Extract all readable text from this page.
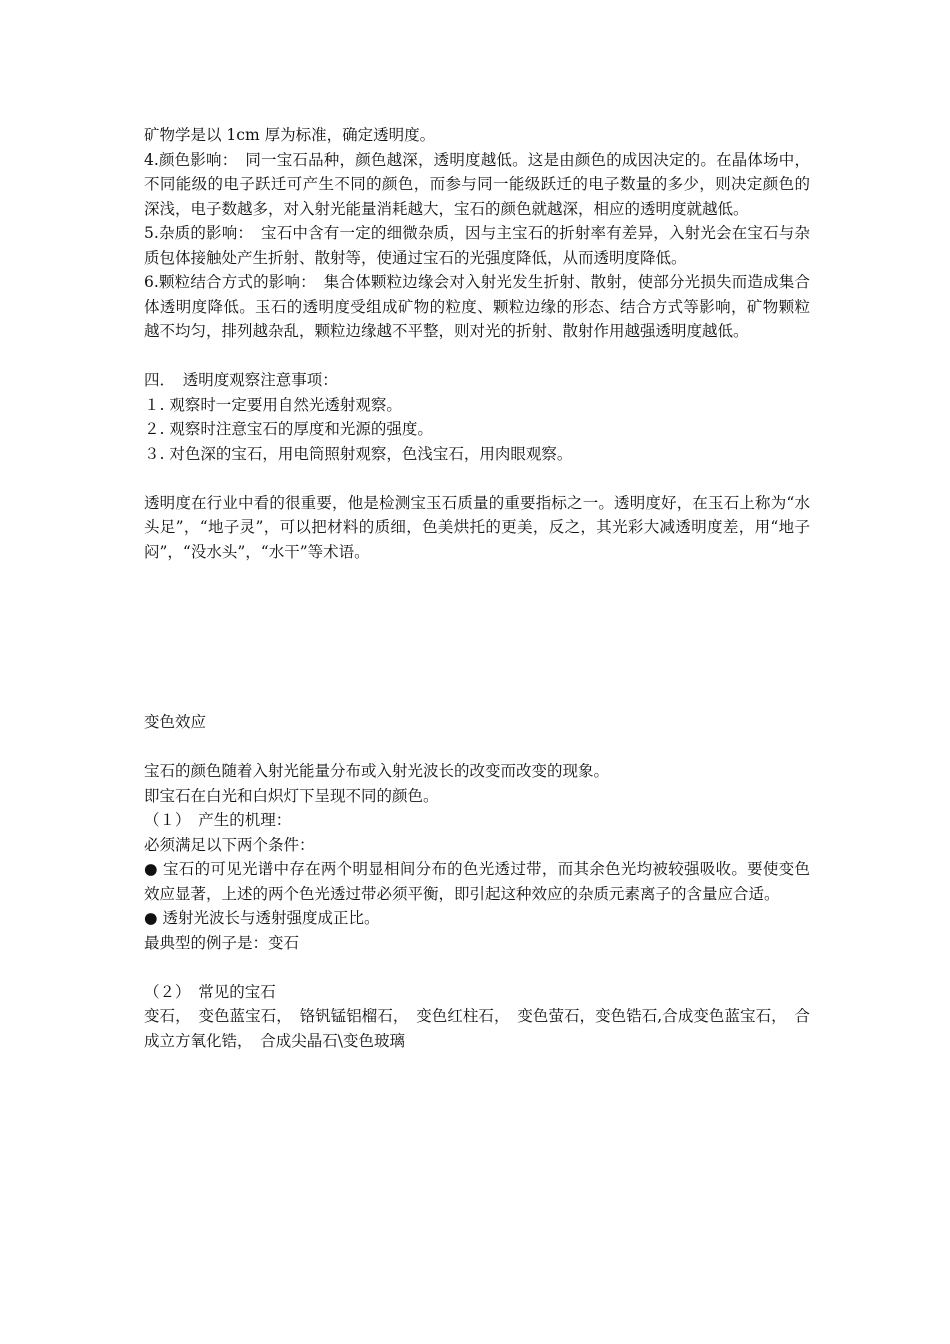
矿物学是以 1cm 厚为标准，确定透明度。

4.颜色影响：　同一宝石品种，颜色越深，透明度越低。这是由颜色的成因决定的。在晶体场中，不同能级的电子跃迁可产生不同的颜色，而参与同一能级跃迁的电子数量的多少，则决定颜色的深浅，电子数越多，对入射光能量消耗越大，宝石的颜色就越深，相应的透明度就越低。

5.杂质的影响：　宝石中含有一定的细微杂质，因与主宝石的折射率有差异，入射光会在宝石与杂质包体接触处产生折射、散射等，使通过宝石的光强度降低，从而透明度降低。

6.颗粒结合方式的影响：　集合体颗粒边缘会对入射光发生折射、散射，使部分光损失而造成集合体透明度降低。玉石的透明度受组成矿物的粒度、颗粒边缘的形态、结合方式等影响，矿物颗粒越不均匀，排列越杂乱，颗粒边缘越不平整，则对光的折射、散射作用越强透明度越低。

四．　透明度观察注意事项：

１. 观察时一定要用自然光透射观察。

２. 观察时注意宝石的厚度和光源的强度。

３. 对色深的宝石，用电筒照射观察，色浅宝石，用肉眼观察。

透明度在行业中看的很重要，他是检测宝玉石质量的重要指标之一。透明度好，在玉石上称为“水头足”，“地子灵”，可以把材料的质细，色美烘托的更美，反之，其光彩大减透明度差，用“地子闷”，“没水头”，“水干”等术语。

变色效应

宝石的颜色随着入射光能量分布或入射光波长的改变而改变的现象。

即宝石在白光和白炽灯下呈现不同的颜色。

（１）　产生的机理：

必须满足以下两个条件：

● 宝石的可见光谱中存在两个明显相间分布的色光透过带，而其余色光均被较强吸收。要使变色效应显著，上述的两个色光透过带必须平衡，即引起这种效应的杂质元素离子的含量应合适。

● 透射光波长与透射强度成正比。

最典型的例子是：变石

（２）　常见的宝石

变石，　变色蓝宝石，　铬钒锰铝榴石，　变色红柱石，　变色萤石，变色锆石,合成变色蓝宝石，　合成立方氧化锆，　合成尖晶石\变色玻璃
